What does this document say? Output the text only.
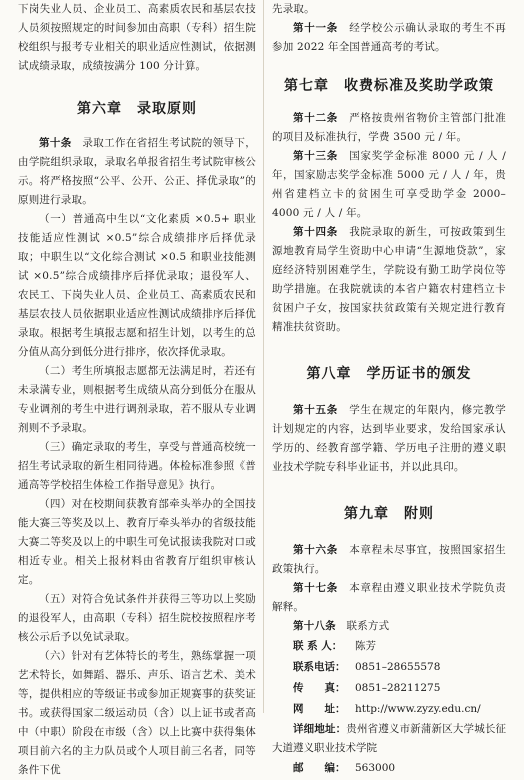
下岗失业人员、企业员工、高素质农民和基层农技人员须按照规定的时间参加由高职（专科）招生院校组织与报考专业相关的职业适应性测试，依据测试成绩录取，成绩按满分 100 分计算。

第六章　录取原则

第十条　录取工作在省招生考试院的领导下，由学院组织录取，录取名单报省招生考试院审核公示。将严格按照“公平、公开、公正、择优录取”的原则进行录取。

（一）普通高中生以“文化素质 ×0.5+ 职业技能适应性测试 ×0.5”综合成绩排序后择优录取；中职生以“文化综合测试 ×0.5 和职业技能测试 ×0.5”综合成绩排序后择优录取；退役军人、农民工、下岗失业人员、企业员工、高素质农民和基层农技人员依据职业适应性测试成绩排序后择优录取。根据考生填报志愿和招生计划，以考生的总分值从高分到低分进行排序，依次择优录取。

（二）考生所填报志愿都无法满足时，若还有未录满专业，则根据考生成绩从高分到低分在服从专业调剂的考生中进行调剂录取，若不服从专业调剂则不予录取。

（三）确定录取的考生，享受与普通高校统一招生考试录取的新生相同待遇。体检标准参照《普通高等学校招生体检工作指导意见》执行。

（四）对在校期间获教育部牵头举办的全国技能大赛三等奖及以上、教育厅牵头举办的省级技能大赛二等奖及以上的中职生可免试报读我院对口或相近专业。相关上报材料由省教育厅组织审核认定。

（五）对符合免试条件并获得三等功以上奖励的退役军人，由高职（专科）招生院校按照程序考核公示后予以免试录取。

（六）针对有艺体特长的考生，熟练掌握一项艺术特长，如舞蹈、器乐、声乐、语言艺术、美术等，提供相应的等级证书或参加正规赛事的获奖证书。或获得国家二级运动员（含）以上证书或者高中（中职）阶段在市级（含）以上比赛中获得集体项目前六名的主力队员或个人项目前三名者，同等条件下优

先录取。

第十一条　经学校公示确认录取的考生不再参加 2022 年全国普通高考的考试。

第七章　收费标准及奖助学政策

第十二条　严格按贵州省物价主管部门批准的项目及标准执行，学费 3500 元 / 年。

第十三条　国家奖学金标准 8000 元 / 人 / 年，国家励志奖学金标准 5000 元 / 人 / 年，贵州省建档立卡的贫困生可享受助学金 2000–4000 元 / 人 / 年。

第十四条　我院录取的新生，可按政策到生源地教育局学生资助中心申请“生源地贷款”，家庭经济特别困难学生，学院设有勤工助学岗位等助学措施。在我院就读的本省户籍农村建档立卡贫困户子女，按国家扶贫政策有关规定进行教育精准扶贫资助。

第八章　学历证书的颁发

第十五条　学生在规定的年限内，修完教学计划规定的内容，达到毕业要求，发给国家承认学历的、经教育部学籍、学历电子注册的遵义职业技术学院专科毕业证书，并以此具印。

第九章　附则

第十六条　本章程未尽事宜，按照国家招生政策执行。

第十七条　本章程由遵义职业技术学院负责解释。

第十八条　联系方式

联 系 人：	陈芳
联系电话： 0851–28655578
传　　真： 0851–28211275
网　　址： http://www.zyzy.edu.cn/
详细地址：贵州省遵义市新蒲新区大学城长征大道遵义职业技术学院
邮　　编： 563000
